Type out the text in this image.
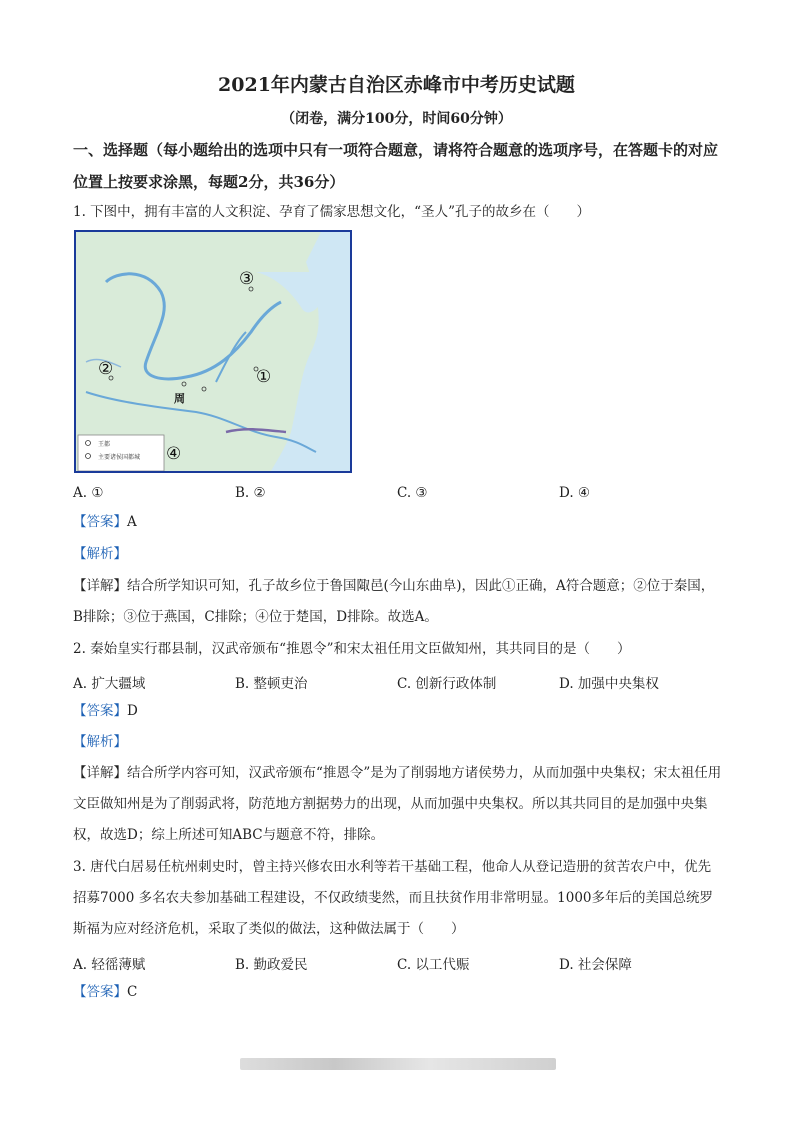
2021年内蒙古自治区赤峰市中考历史试题
（闭卷，满分100分，时间60分钟）
一、选择题（每小题给出的选项中只有一项符合题意，请将符合题意的选项序号，在答题卡的对应位置上按要求涂黑，每题2分，共36分）
1. 下图中，拥有丰富的人文积淀、孕育了儒家思想文化，“圣人”孔子的故乡在（　　）
王都
主要诸侯国都城
③
①
②
④
周
A. ①	B. ②	C. ③	D. ④
【答案】A
【解析】
【详解】结合所学知识可知，孔子故乡位于鲁国陬邑(今山东曲阜)，因此①正确，A符合题意；②位于秦国，B排除；③位于燕国，C排除；④位于楚国，D排除。故选A。
2. 秦始皇实行郡县制，汉武帝颁布“推恩令”和宋太祖任用文臣做知州，其共同目的是（　　）
A. 扩大疆域	B. 整顿吏治	C. 创新行政体制	D. 加强中央集权
【答案】D
【解析】
【详解】结合所学内容可知，汉武帝颁布“推恩令”是为了削弱地方诸侯势力，从而加强中央集权；宋太祖任用文臣做知州是为了削弱武将，防范地方割据势力的出现，从而加强中央集权。所以其共同目的是加强中央集权，故选D；综上所述可知ABC与题意不符，排除。
3. 唐代白居易任杭州刺史时，曾主持兴修农田水利等若干基础工程，他命人从登记造册的贫苦农户中，优先招募7000 多名农夫参加基础工程建设，不仅政绩斐然，而且扶贫作用非常明显。1000多年后的美国总统罗斯福为应对经济危机，采取了类似的做法，这种做法属于（　　）
A. 轻徭薄赋	B. 勤政爱民	C. 以工代赈	D. 社会保障
【答案】C
